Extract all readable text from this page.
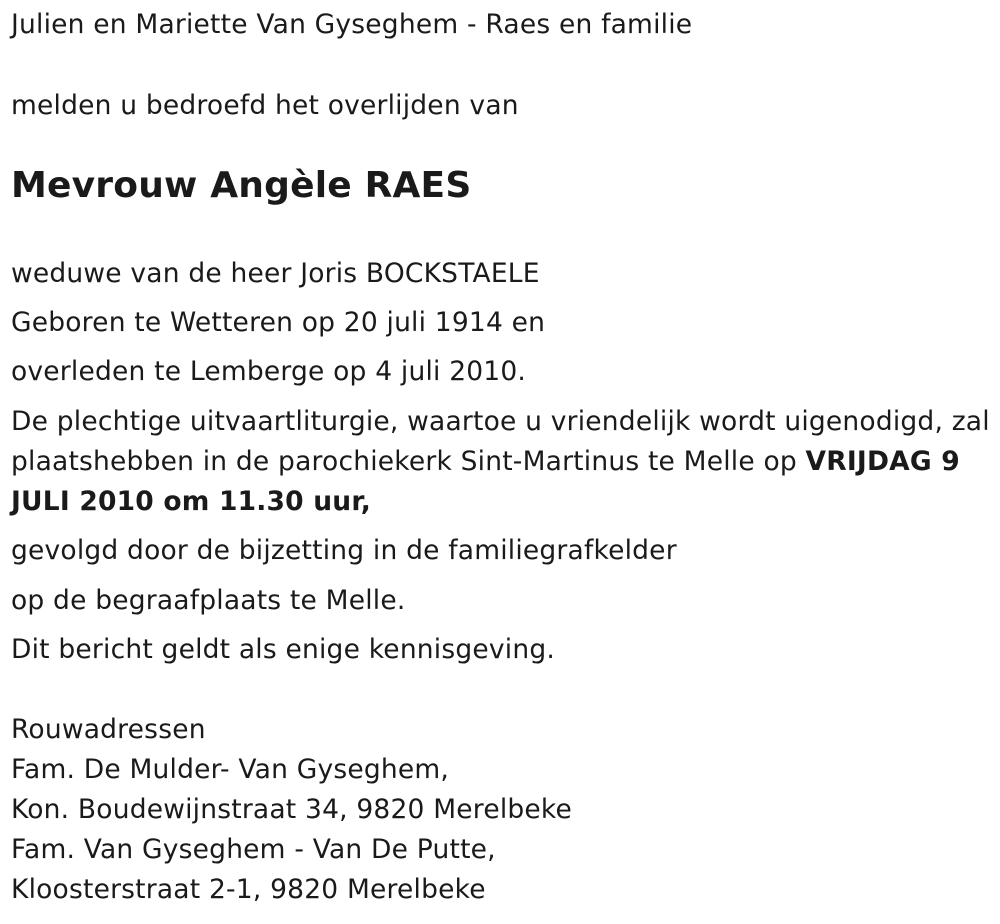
Julien en Mariette Van Gyseghem - Raes en familie

melden u bedroefd het overlijden van

Mevrouw Angèle RAES

weduwe van de heer Joris BOCKSTAELE

Geboren te Wetteren op 20 juli 1914 en

overleden te Lemberge op 4 juli 2010.

De plechtige uitvaartliturgie, waartoe u vriendelijk wordt uigenodigd, zal plaatshebben in de parochiekerk Sint-Martinus te Melle op VRIJDAG 9 JULI 2010 om 11.30 uur,

gevolgd door de bijzetting in de familiegrafkelder

op de begraafplaats te Melle.

Dit bericht geldt als enige kennisgeving.

Rouwadressen

Fam. De Mulder- Van Gyseghem,

Kon. Boudewijnstraat 34, 9820 Merelbeke

Fam. Van Gyseghem - Van De Putte,

Kloosterstraat 2-1, 9820 Merelbeke
